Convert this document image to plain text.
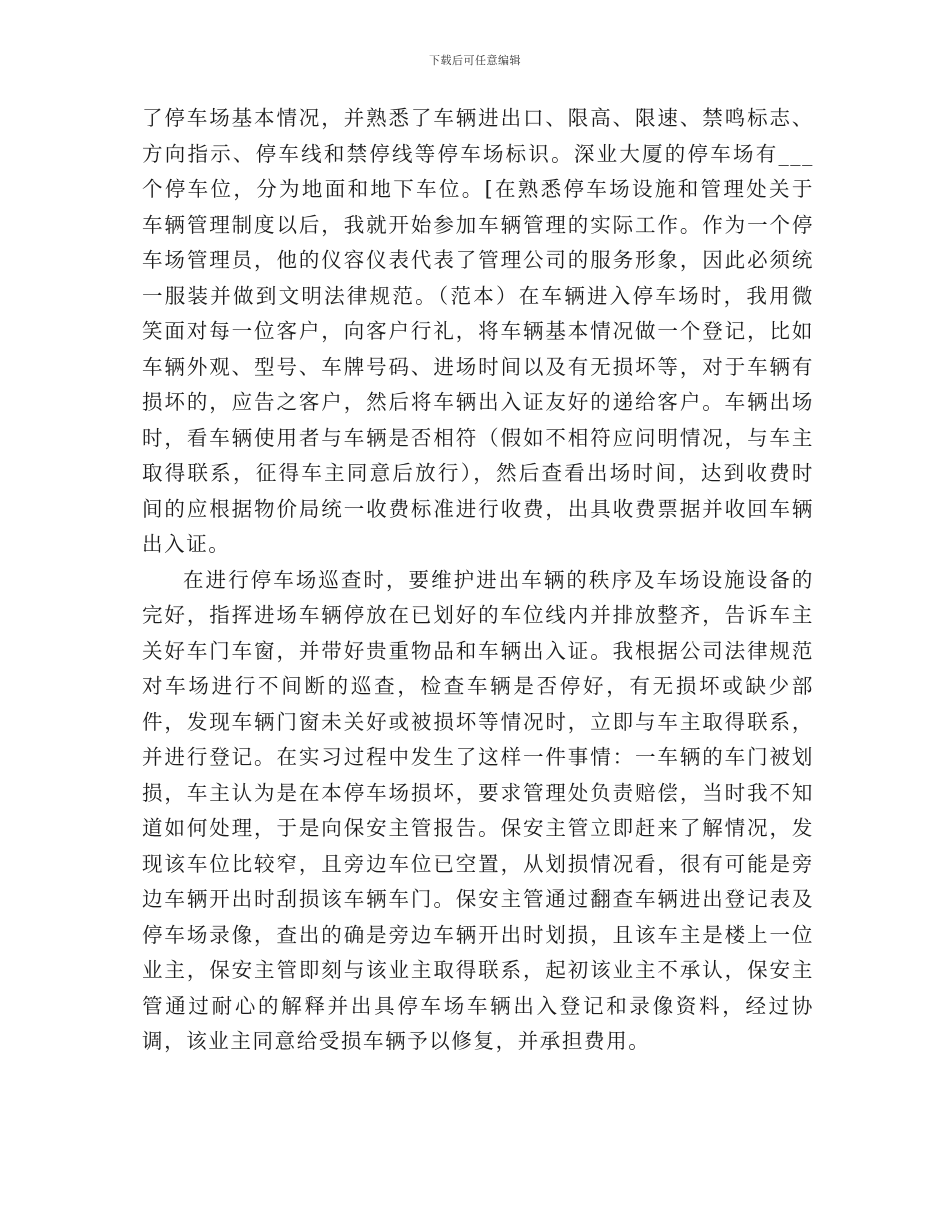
下载后可任意编辑

了停车场基本情况，并熟悉了车辆进出口、限高、限速、禁鸣标志、方向指示、停车线和禁停线等停车场标识。深业大厦的停车场有___个停车位，分为地面和地下车位。[在熟悉停车场设施和管理处关于车辆管理制度以后，我就开始参加车辆管理的实际工作。作为一个停车场管理员，他的仪容仪表代表了管理公司的服务形象，因此必须统一服装并做到文明法律规范。（范本）在车辆进入停车场时，我用微笑面对每一位客户，向客户行礼，将车辆基本情况做一个登记，比如车辆外观、型号、车牌号码、进场时间以及有无损坏等，对于车辆有损坏的，应告之客户，然后将车辆出入证友好的递给客户。车辆出场时，看车辆使用者与车辆是否相符（假如不相符应问明情况，与车主取得联系，征得车主同意后放行），然后查看出场时间，达到收费时间的应根据物价局统一收费标准进行收费，出具收费票据并收回车辆出入证。

在进行停车场巡查时，要维护进出车辆的秩序及车场设施设备的完好，指挥进场车辆停放在已划好的车位线内并排放整齐，告诉车主关好车门车窗，并带好贵重物品和车辆出入证。我根据公司法律规范对车场进行不间断的巡查，检查车辆是否停好，有无损坏或缺少部件，发现车辆门窗未关好或被损坏等情况时，立即与车主取得联系，并进行登记。在实习过程中发生了这样一件事情：一车辆的车门被划损，车主认为是在本停车场损坏，要求管理处负责赔偿，当时我不知道如何处理，于是向保安主管报告。保安主管立即赶来了解情况，发现该车位比较窄，且旁边车位已空置，从划损情况看，很有可能是旁边车辆开出时刮损该车辆车门。保安主管通过翻查车辆进出登记表及停车场录像，查出的确是旁边车辆开出时划损，且该车主是楼上一位业主，保安主管即刻与该业主取得联系，起初该业主不承认，保安主管通过耐心的解释并出具停车场车辆出入登记和录像资料，经过协调，该业主同意给受损车辆予以修复，并承担费用。
